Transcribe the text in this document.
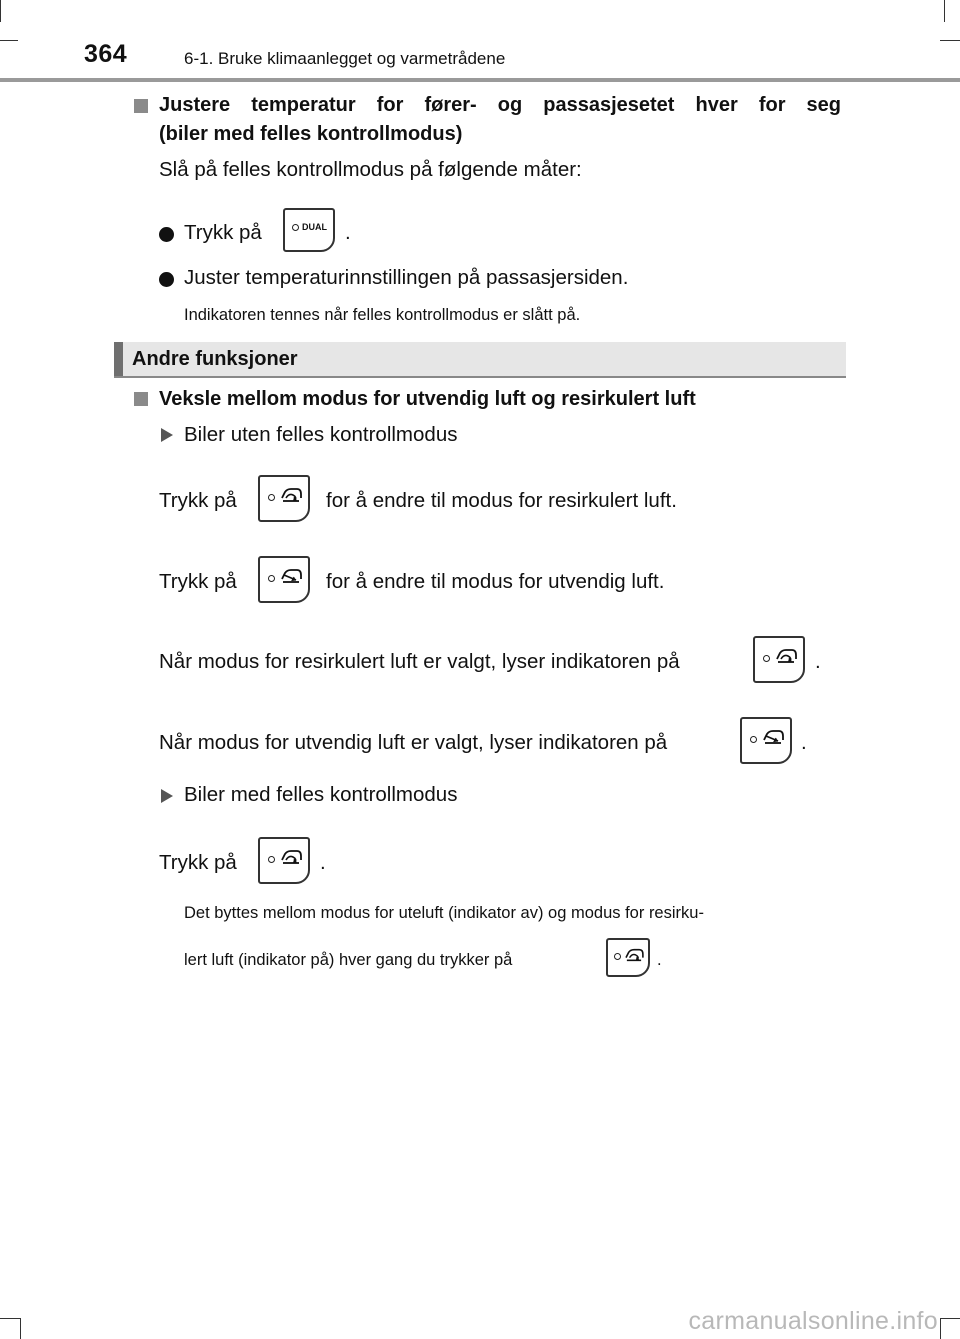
364	6-1. Bruke klimaanlegget og varmetrådene
Justere temperatur for fører- og passasjesetet hver for seg
(biler med felles kontrollmodus)
Slå på felles kontrollmodus på følgende måter:
Trykk på	DUAL .
Juster temperaturinnstillingen på passasjersiden.
Indikatoren tennes når felles kontrollmodus er slått på.
Andre funksjoner
Veksle mellom modus for utvendig luft og resirkulert luft
Biler uten felles kontrollmodus
Trykk på	for å endre til modus for resirkulert luft.
Trykk på	for å endre til modus for utvendig luft.
Når modus for resirkulert luft er valgt, lyser indikatoren på	.
Når modus for utvendig luft er valgt, lyser indikatoren på	.
Biler med felles kontrollmodus
Trykk på	.
Det byttes mellom modus for uteluft (indikator av) og modus for resirku-
lert luft (indikator på) hver gang du trykker på	.
carmanualsonline.info
